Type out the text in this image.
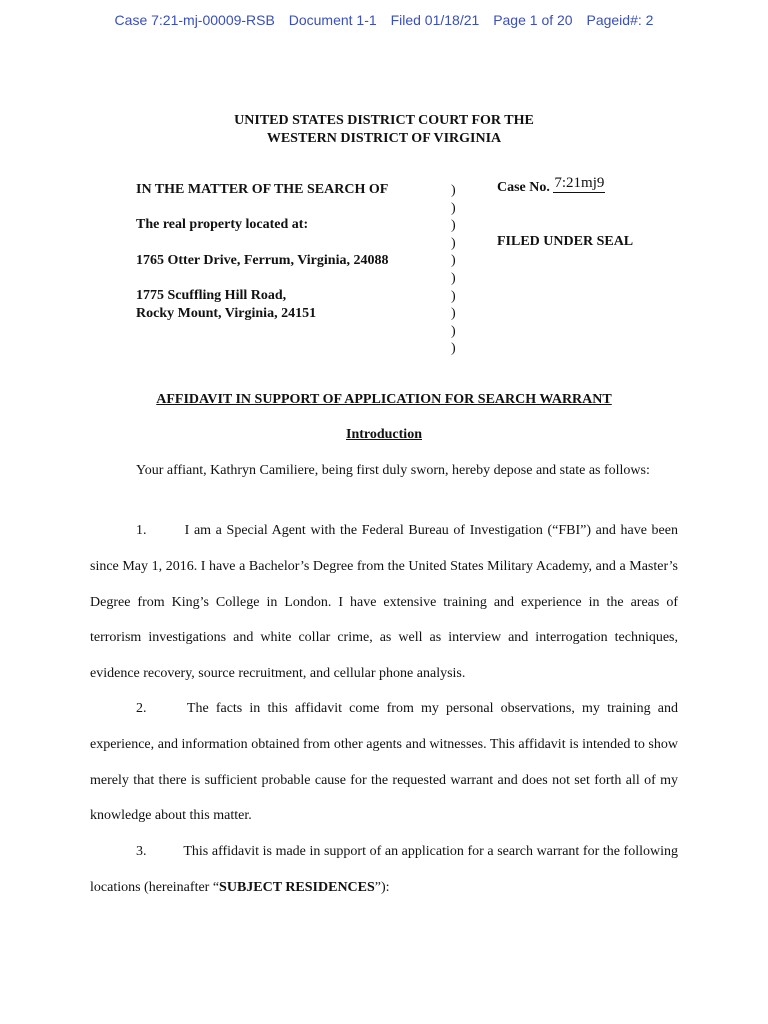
Case 7:21-mj-00009-RSB Document 1-1 Filed 01/18/21 Page 1 of 20 Pageid#: 2
UNITED STATES DISTRICT COURT FOR THE
WESTERN DISTRICT OF VIRGINIA
IN THE MATTER OF THE SEARCH OF
The real property located at:
1765 Otter Drive, Ferrum, Virginia, 24088
1775 Scuffling Hill Road,
Rocky Mount, Virginia, 24151
)
)
)
)
)
)
)
)
)
)
Case No. 7:21mj9
FILED UNDER SEAL
AFFIDAVIT IN SUPPORT OF APPLICATION FOR SEARCH WARRANT
Introduction
Your affiant, Kathryn Camiliere, being first duly sworn, hereby depose and state as follows:
1.	I am a Special Agent with the Federal Bureau of Investigation (“FBI”) and have been since May 1, 2016. I have a Bachelor’s Degree from the United States Military Academy, and a Master’s Degree from King’s College in London. I have extensive training and experience in the areas of terrorism investigations and white collar crime, as well as interview and interrogation techniques, evidence recovery, source recruitment, and cellular phone analysis.
2.	The facts in this affidavit come from my personal observations, my training and experience, and information obtained from other agents and witnesses. This affidavit is intended to show merely that there is sufficient probable cause for the requested warrant and does not set forth all of my knowledge about this matter.
3.	This affidavit is made in support of an application for a search warrant for the following locations (hereinafter “SUBJECT RESIDENCES”):
